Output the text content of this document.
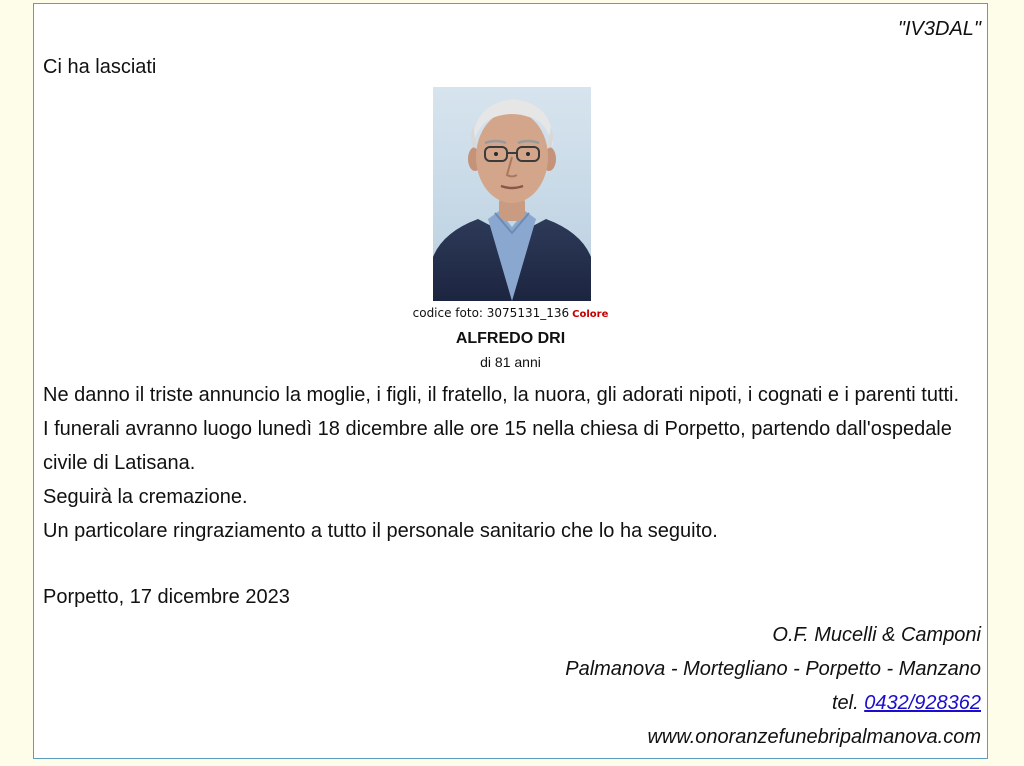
"IV3DAL"
Ci ha lasciati
codice foto: 3075131_136 Colore
ALFREDO DRI
di 81 anni

Ne danno il triste annuncio la moglie, i figli, il fratello, la nuora, gli adorati nipoti, i cognati e i parenti tutti.

I funerali avranno luogo lunedì 18 dicembre alle ore 15 nella chiesa di Porpetto, partendo dall'ospedale civile di Latisana.

Seguirà la cremazione.

Un particolare ringraziamento a tutto il personale sanitario che lo ha seguito.

Porpetto, 17 dicembre 2023
O.F. Mucelli & Camponi
Palmanova - Mortegliano - Porpetto - Manzano
tel. 0432/928362
www.onoranzefunebripalmanova.com
